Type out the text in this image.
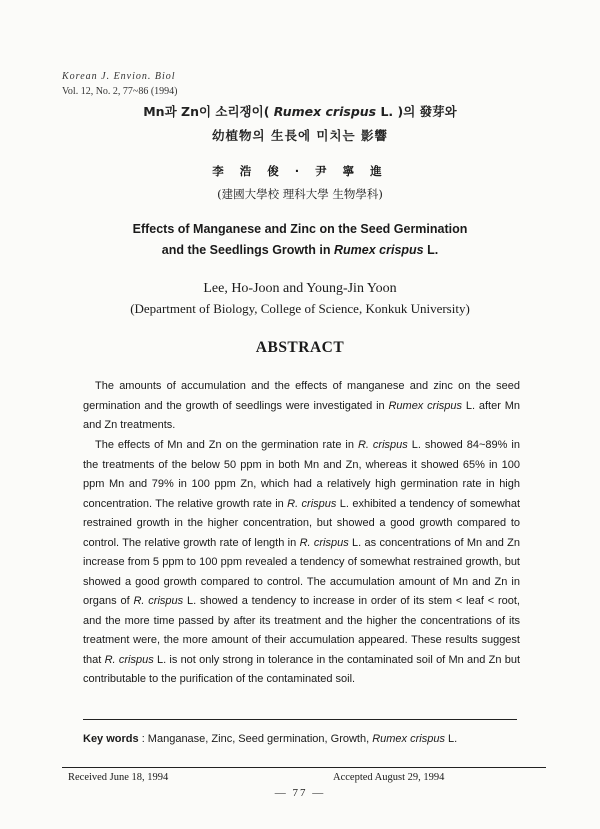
Korean J. Envion. Biol
Vol. 12, No. 2, 77~86 (1994)
Mn과 Zn이 소리쟁이( Rumex crispus L. )의 發芽와
幼植物의 生長에 미치는 影響
李 浩 俊 · 尹 寧 進
(建國大學校 理科大學 生物學科)
Effects of Manganese and Zinc on the Seed Germination
and the Seedlings Growth in Rumex crispus L.
Lee, Ho-Joon and Young-Jin Yoon
(Department of Biology, College of Science, Konkuk University)
ABSTRACT
The amounts of accumulation and the effects of manganese and zinc on the seed germination and the growth of seedlings were investigated in Rumex crispus L. after Mn and Zn treatments.
The effects of Mn and Zn on the germination rate in R. crispus L. showed 84~89% in the treatments of the below 50 ppm in both Mn and Zn, whereas it showed 65% in 100 ppm Mn and 79% in 100 ppm Zn, which had a relatively high germination rate in high concentration. The relative growth rate in R. crispus L. exhibited a tendency of somewhat restrained growth in the higher concentration, but showed a good growth compared to control. The relative growth rate of length in R. crispus L. as concentrations of Mn and Zn increase from 5 ppm to 100 ppm revealed a tendency of somewhat restrained growth, but showed a good growth compared to control. The accumulation amount of Mn and Zn in organs of R. crispus L. showed a tendency to increase in order of its stem < leaf < root, and the more time passed by after its treatment and the higher the concentrations of its treatment were, the more amount of their accumulation appeared. These results suggest that R. crispus L. is not only strong in tolerance in the contaminated soil of Mn and Zn but contributable to the purification of the contaminated soil.
Key words : Manganase, Zinc, Seed germination, Growth, Rumex crispus L.
Received June 18, 1994	Accepted August 29, 1994
— 77 —
